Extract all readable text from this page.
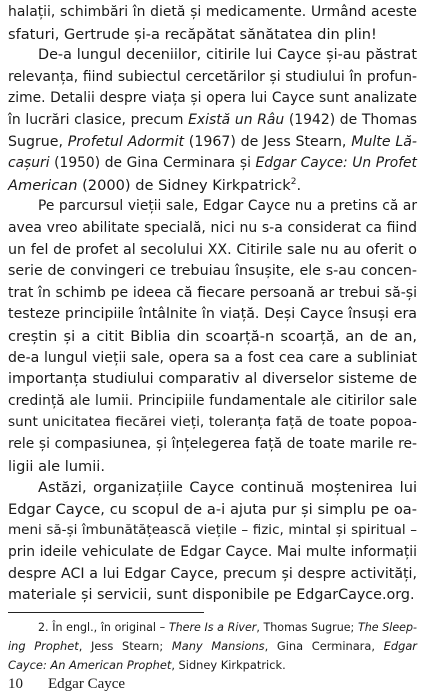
halații, schimbări în dietă și medicamente. Urmând aceste
sfaturi, Gertrude și-a recăpătat sănătatea din plin!
De-a lungul deceniilor, citirile lui Cayce și-au păstrat
relevanța, fiind subiectul cercetărilor și studiului în profun-
zime. Detalii despre viața și opera lui Cayce sunt analizate
în lucrări clasice, precum Există un Râu (1942) de Thomas
Sugrue, Profetul Adormit (1967) de Jess Stearn, Multe Lă-
cașuri (1950) de Gina Cerminara și Edgar Cayce: Un Profet
American (2000) de Sidney Kirkpatrick$^2$.
Pe parcursul vieții sale, Edgar Cayce nu a pretins că ar
avea vreo abilitate specială, nici nu s-a considerat ca fiind
un fel de profet al secolului XX. Citirile sale nu au oferit o
serie de convingeri ce trebuiau însușite, ele s-au concen-
trat în schimb pe ideea că fiecare persoană ar trebui să-și
testeze principiile întâlnite în viață. Deși Cayce însuși era
creștin și a citit Biblia din scoarță-n scoarță, an de an,
de-a lungul vieții sale, opera sa a fost cea care a subliniat
importanța studiului comparativ al diverselor sisteme de
credință ale lumii. Principiile fundamentale ale citirilor sale
sunt unicitatea fiecărei vieți, toleranța față de toate popoa-
rele și compasiunea, și înțelegerea față de toate marile re-
ligii ale lumii.
Astăzi, organizațiile Cayce continuă moștenirea lui
Edgar Cayce, cu scopul de a-i ajuta pur și simplu pe oa-
meni să-și îmbunătățească viețile – fizic, mintal și spiritual –
prin ideile vehiculate de Edgar Cayce. Mai multe informații
despre ACI a lui Edgar Cayce, precum și despre activități,
materiale și servicii, sunt disponibile pe EdgarCayce.org.
2. În engl., în original – There Is a River, Thomas Sugrue; The Sleep-
ing Prophet, Jess Stearn; Many Mansions, Gina Cerminara, Edgar
Cayce: An American Prophet, Sidney Kirkpatrick.
10 Edgar Cayce
